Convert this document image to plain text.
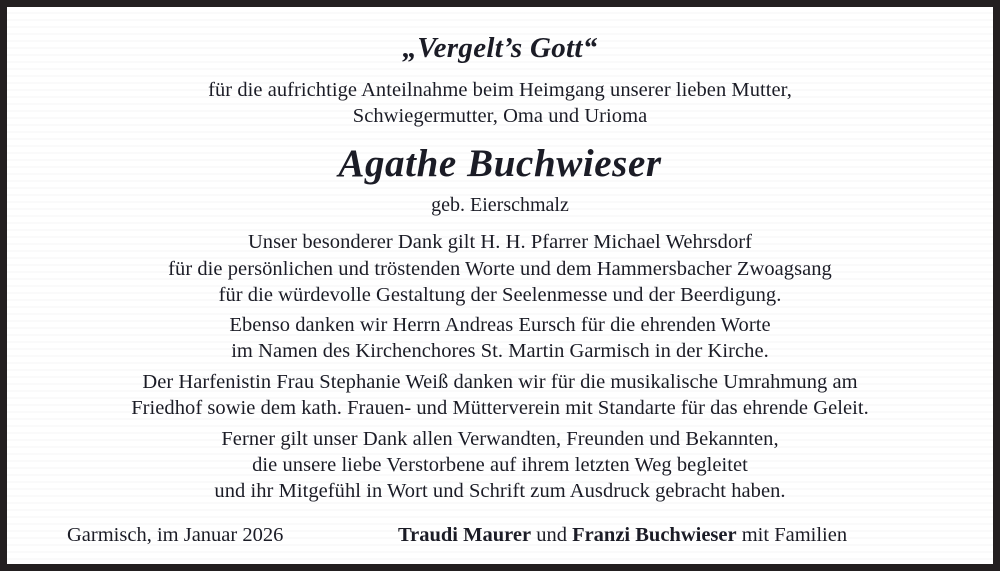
„Vergelt’s Gott“
für die aufrichtige Anteilnahme beim Heimgang unserer lieben Mutter,
Schwiegermutter, Oma und Urioma
Agathe Buchwieser
geb. Eierschmalz
Unser besonderer Dank gilt H. H. Pfarrer Michael Wehrsdorf
für die persönlichen und tröstenden Worte und dem Hammersbacher Zwoagsang
für die würdevolle Gestaltung der Seelenmesse und der Beerdigung.
Ebenso danken wir Herrn Andreas Eursch für die ehrenden Worte
im Namen des Kirchenchores St. Martin Garmisch in der Kirche.
Der Harfenistin Frau Stephanie Weiß danken wir für die musikalische Umrahmung am
Friedhof sowie dem kath. Frauen- und Mütterverein mit Standarte für das ehrende Geleit.
Ferner gilt unser Dank allen Verwandten, Freunden und Bekannten,
die unsere liebe Verstorbene auf ihrem letzten Weg begleitet
und ihr Mitgefühl in Wort und Schrift zum Ausdruck gebracht haben.
Garmisch, im Januar 2026	Traudi Maurer und Franzi Buchwieser mit Familien
